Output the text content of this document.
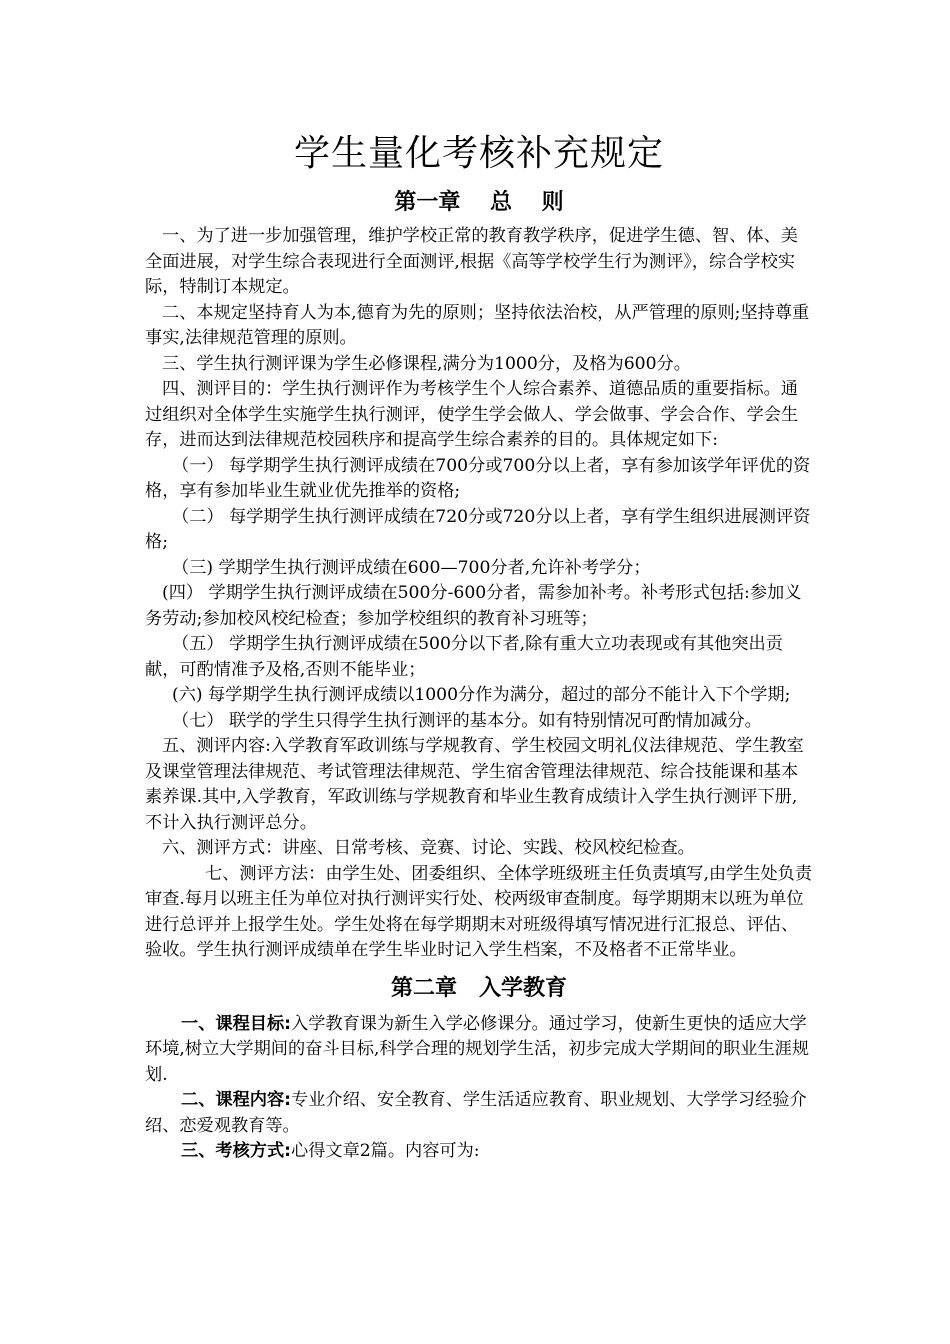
学生量化考核补充规定
第一章　 总　 则

一、为了进一步加强管理，维护学校正常的教育教学秩序，促进学生德、智、体、美全面进展，对学生综合表现进行全面测评,根据《高等学校学生行为测评》，综合学校实际，特制订本规定。

二、本规定坚持育人为本,德育为先的原则；坚持依法治校，从严管理的原则;坚持尊重事实,法律规范管理的原则。

三、学生执行测评课为学生必修课程,满分为1000分，及格为600分。

四、测评目的：学生执行测评作为考核学生个人综合素养、道德品质的重要指标。通过组织对全体学生实施学生执行测评，使学生学会做人、学会做事、学会合作、学会生存，进而达到法律规范校园秩序和提高学生综合素养的目的。具体规定如下:

（一） 每学期学生执行测评成绩在700分或700分以上者，享有参加该学年评优的资格，享有参加毕业生就业优先推举的资格;

（二） 每学期学生执行测评成绩在720分或720分以上者，享有学生组织进展测评资格;

（三) 学期学生执行测评成绩在600—700分者,允许补考学分；

(四） 学期学生执行测评成绩在500分-600分者，需参加补考。补考形式包括:参加义务劳动;参加校风校纪检查；参加学校组织的教育补习班等；

（五） 学期学生执行测评成绩在500分以下者,除有重大立功表现或有其他突出贡献，可酌情准予及格,否则不能毕业；

(六) 每学期学生执行测评成绩以1000分作为满分，超过的部分不能计入下个学期;

（七） 联学的学生只得学生执行测评的基本分。如有特别情况可酌情加减分。

五、测评内容:入学教育军政训练与学规教育、学生校园文明礼仪法律规范、学生教室及课堂管理法律规范、考试管理法律规范、学生宿舍管理法律规范、综合技能课和基本素养课.其中,入学教育，军政训练与学规教育和毕业生教育成绩计入学生执行测评下册,不计入执行测评总分。

六、测评方式：讲座、日常考核、竞赛、讨论、实践、校风校纪检查。

七、测评方法：由学生处、团委组织、全体学班级班主任负责填写,由学生处负责审查.每月以班主任为单位对执行测评实行处、校两级审查制度。每学期期末以班为单位进行总评并上报学生处。学生处将在每学期期末对班级得填写情况进行汇报总、评估、验收。学生执行测评成绩单在学生毕业时记入学生档案，不及格者不正常毕业。

第二章　入学教育

一、课程目标:入学教育课为新生入学必修课分。通过学习，使新生更快的适应大学环境,树立大学期间的奋斗目标,科学合理的规划学生活，初步完成大学期间的职业生涯规划.

二、课程内容:专业介绍、安全教育、学生活适应教育、职业规划、大学学习经验介绍、恋爱观教育等。

三、考核方式:心得文章2篇。内容可为:
